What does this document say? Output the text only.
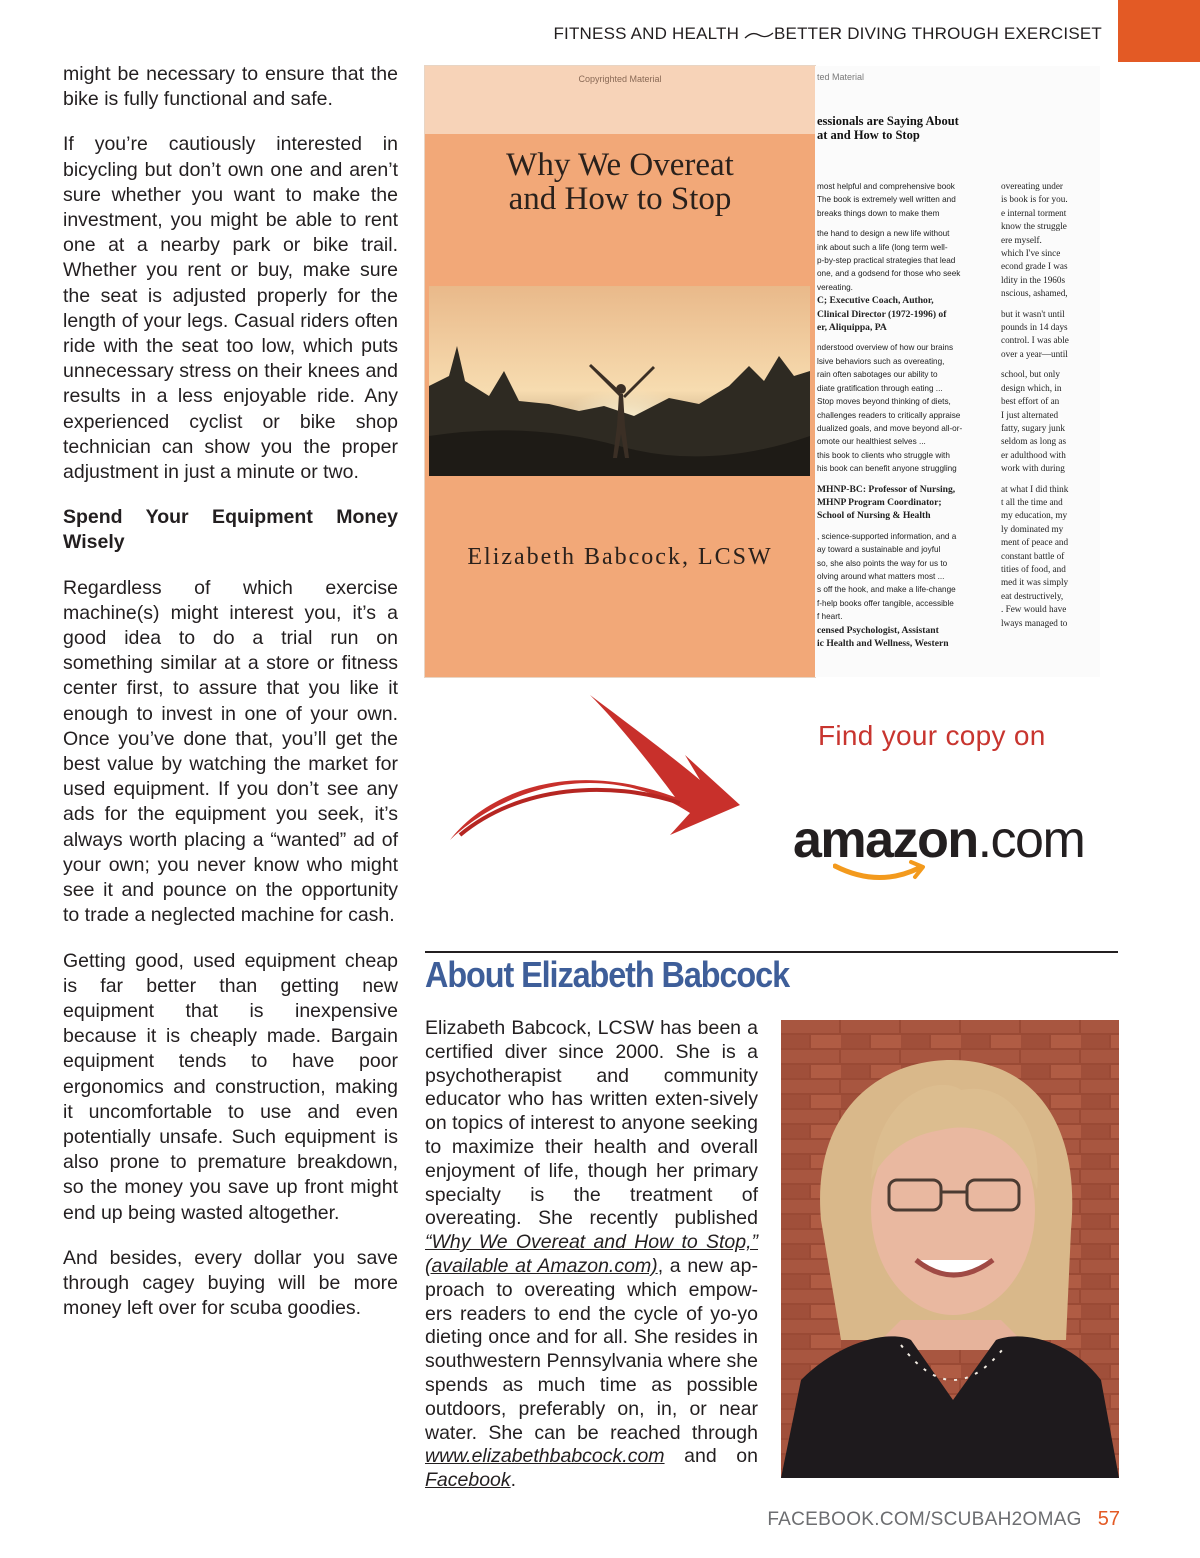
FITNESS AND HEALTH BETTER DIVING THROUGH EXERCISET

might be necessary to ensure that the bike is fully functional and safe.

If you’re cautiously interested in bicycling but don’t own one and aren’t sure whether you want to make the investment, you might be able to rent one at a nearby park or bike trail. Whether you rent or buy, make sure the seat is adjusted properly for the length of your legs. Casual riders often ride with the seat too low, which puts unnecessary stress on their knees and results in a less enjoyable ride. Any experienced cyclist or bike shop technician can show you the proper adjustment in just a minute or two.

Spend Your Equipment Money Wisely

Regardless of which exercise machine(s) might interest you, it’s a good idea to do a trial run on something similar at a store or fitness center first, to assure that you like it enough to invest in one of your own. Once you’ve done that, you’ll get the best value by watching the market for used equipment. If you don’t see any ads for the equipment you seek, it’s always worth placing a “wanted” ad of your own; you never know who might see it and pounce on the opportunity to trade a neglected machine for cash.

Getting good, used equipment cheap is far better than getting new equipment that is inexpensive because it is cheaply made. Bargain equipment tends to have poor ergonomics and construction, making it uncomfortable to use and even potentially unsafe. Such equipment is also prone to premature breakdown, so the money you save up front might end up being wasted altogether.

And besides, every dollar you save through cagey buying will be more money left over for scuba goodies.

Copyrighted Material
Why We Overeat
and How to Stop
Elizabeth Babcock, LCSW
ted Material
essionals are Saying About
at and How to Stop
most helpful and comprehensive book
The book is extremely well written and
breaks things down to make them
the hand to design a new life without
ink about such a life (long term well-
p-by-step practical strategies that lead
one, and a godsend for those who seek
vereating.
C; Executive Coach, Author,
Clinical Director (1972-1996) of
er, Aliquippa, PA
nderstood overview of how our brains
lsive behaviors such as overeating,
rain often sabotages our ability to
diate gratification through eating ...
Stop moves beyond thinking of diets,
challenges readers to critically appraise
dualized goals, and move beyond all-or-
omote our healthiest selves ...
this book to clients who struggle with
his book can benefit anyone struggling
MHNP-BC: Professor of Nursing,
MHNP Program Coordinator;
School of Nursing & Health
, science-supported information, and a
ay toward a sustainable and joyful
so, she also points the way for us to
olving around what matters most ...
s off the hook, and make a life-change
f-help books offer tangible, accessible
f heart.
censed Psychologist, Assistant
ic Health and Wellness, Western
overeating under
is book is for you.
e internal torment
know the struggle
ere myself.
which I've since
econd grade I was
ldity in the 1960s
nscious, ashamed,
but it wasn't until
pounds in 14 days
control. I was able
over a year—until
school, but only
design which, in
best effort of an
I just alternated
fatty, sugary junk
seldom as long as
er adulthood with
work with during
at what I did think
t all the time and
my education, my
ly dominated my
ment of peace and
constant battle of
tities of food, and
med it was simply
eat destructively,
. Few would have
lways managed to
Find your copy on
amazon.com
About Elizabeth Babcock
Elizabeth Babcock, LCSW has been a certified diver since 2000. She is a psychotherapist and community educator who has written exten-sively on topics of interest to anyone seeking to maximize their health and overall enjoyment of life, though her primary specialty is the treatment of overeating. She recently published “Why We Overeat and How to Stop,” (available at Amazon.com), a new ap-proach to overeating which empow-ers readers to end the cycle of yo-yo dieting once and for all. She resides in southwestern Pennsylvania where she spends as much time as possible outdoors, preferably on, in, or near water. She can be reached through www.elizabethbabcock.com and on Facebook.
FACEBOOK.COM/SCUBAH2OMAG 57
